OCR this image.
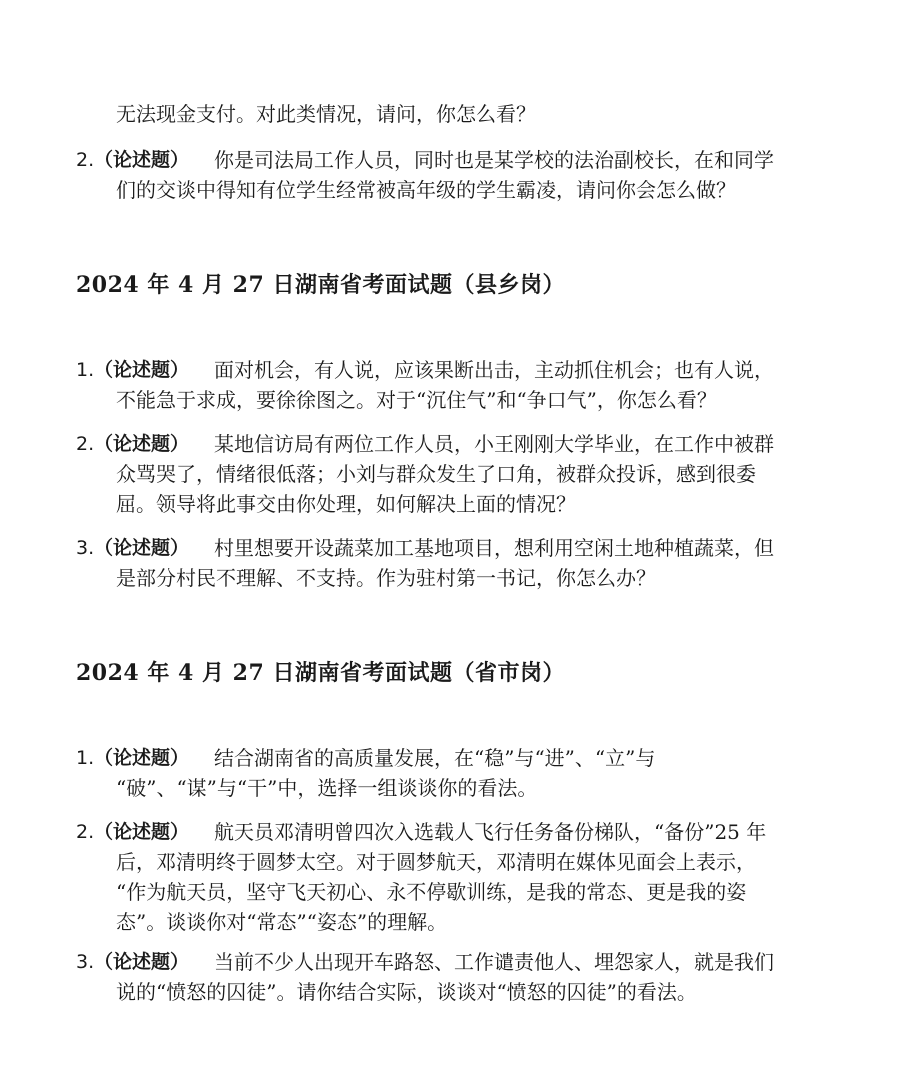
无法现金支付。对此类情况，请问，你怎么看？
2. （论述题） 你是司法局工作人员，同时也是某学校的法治副校长，在和同学
们的交谈中得知有位学生经常被高年级的学生霸凌，请问你会怎么做？
2024 年 4 月 27 日湖南省考面试题（县乡岗）
1. （论述题） 面对机会，有人说，应该果断出击，主动抓住机会；也有人说，
不能急于求成，要徐徐图之。对于“沉住气”和“争口气”，你怎么看？
2. （论述题） 某地信访局有两位工作人员，小王刚刚大学毕业，在工作中被群
众骂哭了，情绪很低落；小刘与群众发生了口角，被群众投诉，感到很委
屈。领导将此事交由你处理，如何解决上面的情况？
3. （论述题） 村里想要开设蔬菜加工基地项目，想利用空闲土地种植蔬菜，但
是部分村民不理解、不支持。作为驻村第一书记，你怎么办？
2024 年 4 月 27 日湖南省考面试题（省市岗）
1. （论述题） 结合湖南省的高质量发展，在“稳”与“进”、“立”与
“破”、“谋”与“干”中，选择一组谈谈你的看法。
2. （论述题） 航天员邓清明曾四次入选载人飞行任务备份梯队，“备份”25 年
后，邓清明终于圆梦太空。对于圆梦航天，邓清明在媒体见面会上表示，
“作为航天员，坚守飞天初心、永不停歇训练，是我的常态、更是我的姿
态”。谈谈你对“常态”“姿态”的理解。
3. （论述题） 当前不少人出现开车路怒、工作谴责他人、埋怨家人，就是我们
说的“愤怒的囚徒”。请你结合实际，谈谈对“愤怒的囚徒”的看法。
